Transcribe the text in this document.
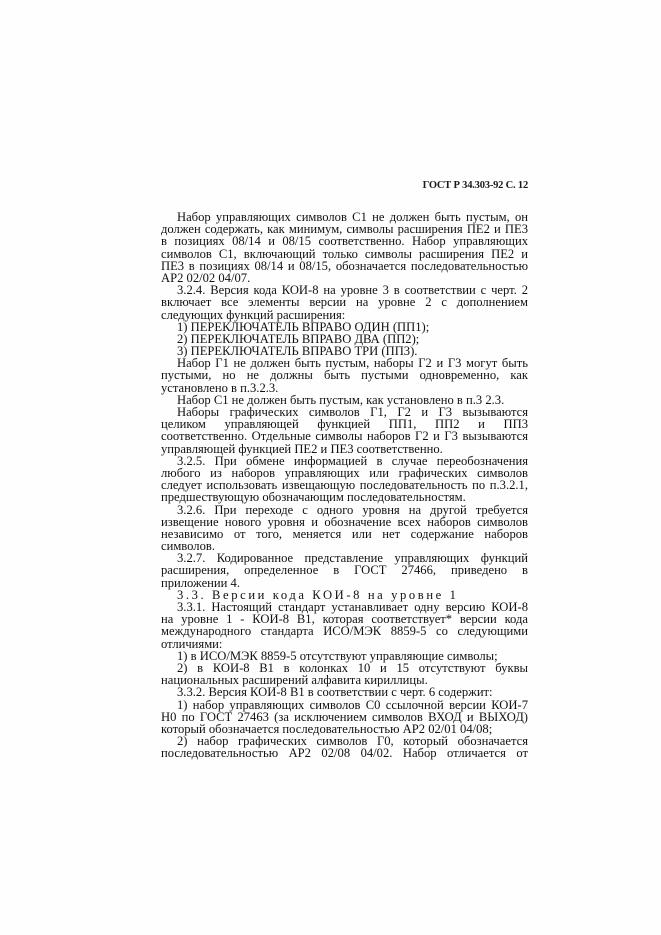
ГОСТ Р 34.303-92 С. 12
Набор управляющих символов С1 не должен быть пустым, он
должен содержать, как минимум, символы расширения ПЕ2 и ПЕ3
в позициях 08/14 и 08/15 соответственно. Набор управляющих
символов С1, включающий только символы расширения ПЕ2 и
ПЕ3 в позициях 08/14 и 08/15, обозначается последовательностью
АР2 02/02 04/07.
3.2.4. Версия кода КОИ-8 на уровне 3 в соответствии с черт. 2
включает все элементы версии на уровне 2 с дополнением
следующих функций расширения:
1) ПЕРЕКЛЮЧАТЕЛЬ ВПРАВО ОДИН (ПП1);
2) ПЕРЕКЛЮЧАТЕЛЬ ВПРАВО ДВА (ПП2);
3) ПЕРЕКЛЮЧАТЕЛЬ ВПРАВО ТРИ (ПП3).
Набор Г1 не должен быть пустым, наборы Г2 и Г3 могут быть
пустыми, но не должны быть пустыми одновременно, как
установлено в п.3.2.3.
Набор С1 не должен быть пустым, как установлено в п.3 2.3.
Наборы графических символов Г1, Г2 и Г3 вызываются
целиком управляющей функцией ПП1, ПП2 и ПП3
соответственно. Отдельные символы наборов Г2 и Г3 вызываются
управляющей функцией ПЕ2 и ПЕ3 соответственно.
3.2.5. При обмене информацией в случае переобозначения
любого из наборов управляющих или графических символов
следует использовать извещающую последовательность по п.3.2.1,
предшествующую обозначающим последовательностям.
3.2.6. При переходе с одного уровня на другой требуется
извещение нового уровня и обозначение всех наборов символов
независимо от того, меняется или нет содержание наборов
символов.
3.2.7. Кодированное представление управляющих функций
расширения, определенное в ГОСТ 27466, приведено в
приложении 4.
3.3. Версии кода КОИ-8 на уровне 1
3.3.1. Настоящий стандарт устанавливает одну версию КОИ-8
на уровне 1 - КОИ-8 В1, которая соответствует* версии кода
международного стандарта ИСО/МЭК 8859-5 со следующими
отличиями:
1) в ИСО/МЭК 8859-5 отсутствуют управляющие символы;
2) в КОИ-8 В1 в колонках 10 и 15 отсутствуют буквы
национальных расширений алфавита кириллицы.
3.3.2. Версия КОИ-8 В1 в соответствии с черт. 6 содержит:
1) набор управляющих символов С0 ссылочной версии КОИ-7
Н0 по ГОСТ 27463 (за исключением символов ВХОД и ВЫХОД)
который обозначается последовательностью АР2 02/01 04/08;
2) набор графических символов Г0, который обозначается
последовательностью АР2 02/08 04/02. Набор отличается от
